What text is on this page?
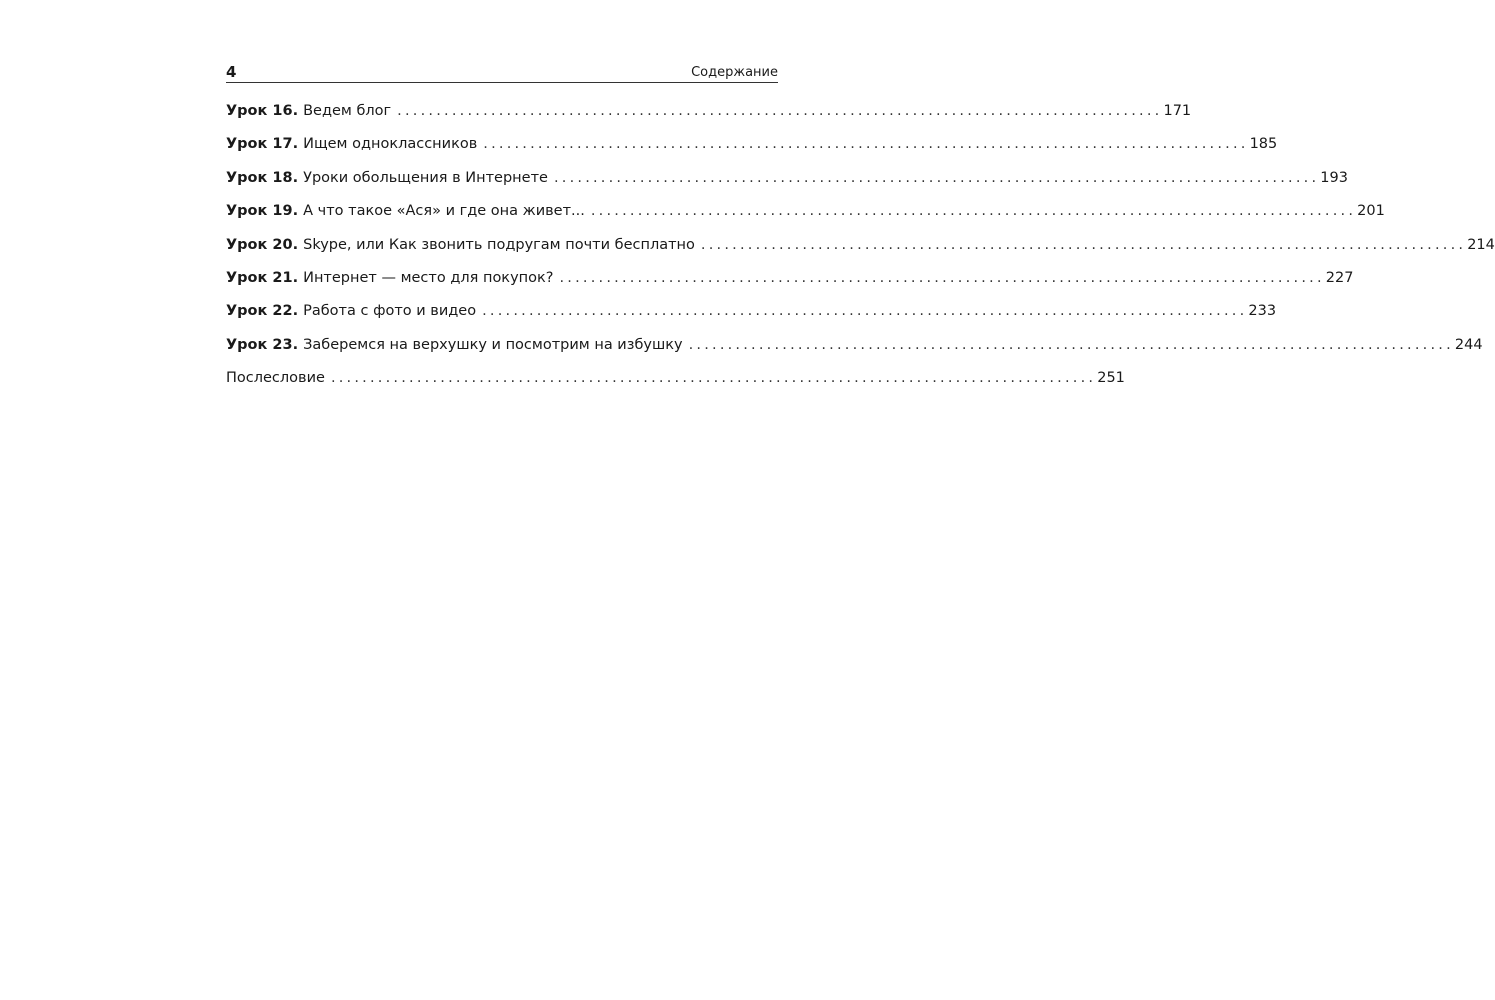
4	Содержание
Урок 16. Ведем блог .................................................................................................. 171
Урок 17. Ищем одноклассников .................................................................................................. 185
Урок 18. Уроки обольщения в Интернете .................................................................................................. 193
Урок 19. А что такое «Ася» и где она живет... .................................................................................................. 201
Урок 20. Skype, или Как звонить подругам почти бесплатно .................................................................................................. 214
Урок 21. Интернет — место для покупок? .................................................................................................. 227
Урок 22. Работа с фото и видео .................................................................................................. 233
Урок 23. Заберемся на верхушку и посмотрим на избушку .................................................................................................. 244
Послесловие .................................................................................................. 251
